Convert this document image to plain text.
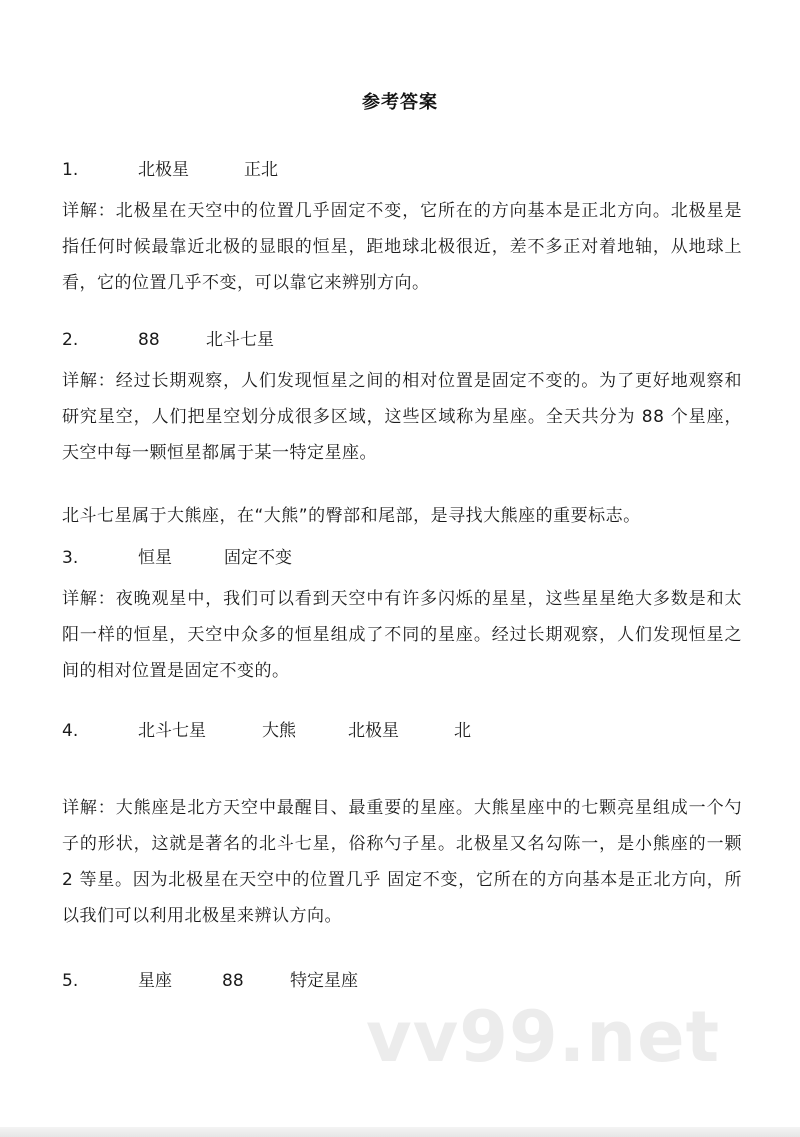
参考答案
1.	北极星	正北

详解：北极星在天空中的位置几乎固定不变，它所在的方向基本是正北方向。北极星是指任何时候最靠近北极的显眼的恒星，距地球北极很近，差不多正对着地轴，从地球上看，它的位置几乎不变，可以靠它来辨别方向。

2.	88	北斗七星

详解：经过长期观察，人们发现恒星之间的相对位置是固定不变的。为了更好地观察和研究星空，人们把星空划分成很多区域，这些区域称为星座。全天共分为 88 个星座，天空中每一颗恒星都属于某一特定星座。

北斗七星属于大熊座，在“大熊”的臀部和尾部，是寻找大熊座的重要标志。

3.	恒星	固定不变

详解：夜晚观星中，我们可以看到天空中有许多闪烁的星星，这些星星绝大多数是和太阳一样的恒星，天空中众多的恒星组成了不同的星座。经过长期观察，人们发现恒星之间的相对位置是固定不变的。

4.	北斗七星	大熊	北极星	北

详解：大熊座是北方天空中最醒目、最重要的星座。大熊星座中的七颗亮星组成一个勺子的形状，这就是著名的北斗七星，俗称勺子星。北极星又名勾陈一，是小熊座的一颗 2 等星。因为北极星在天空中的位置几乎 固定不变，它所在的方向基本是正北方向，所以我们可以利用北极星来辨认方向。

5.	星座	88	特定星座
vv99.net
